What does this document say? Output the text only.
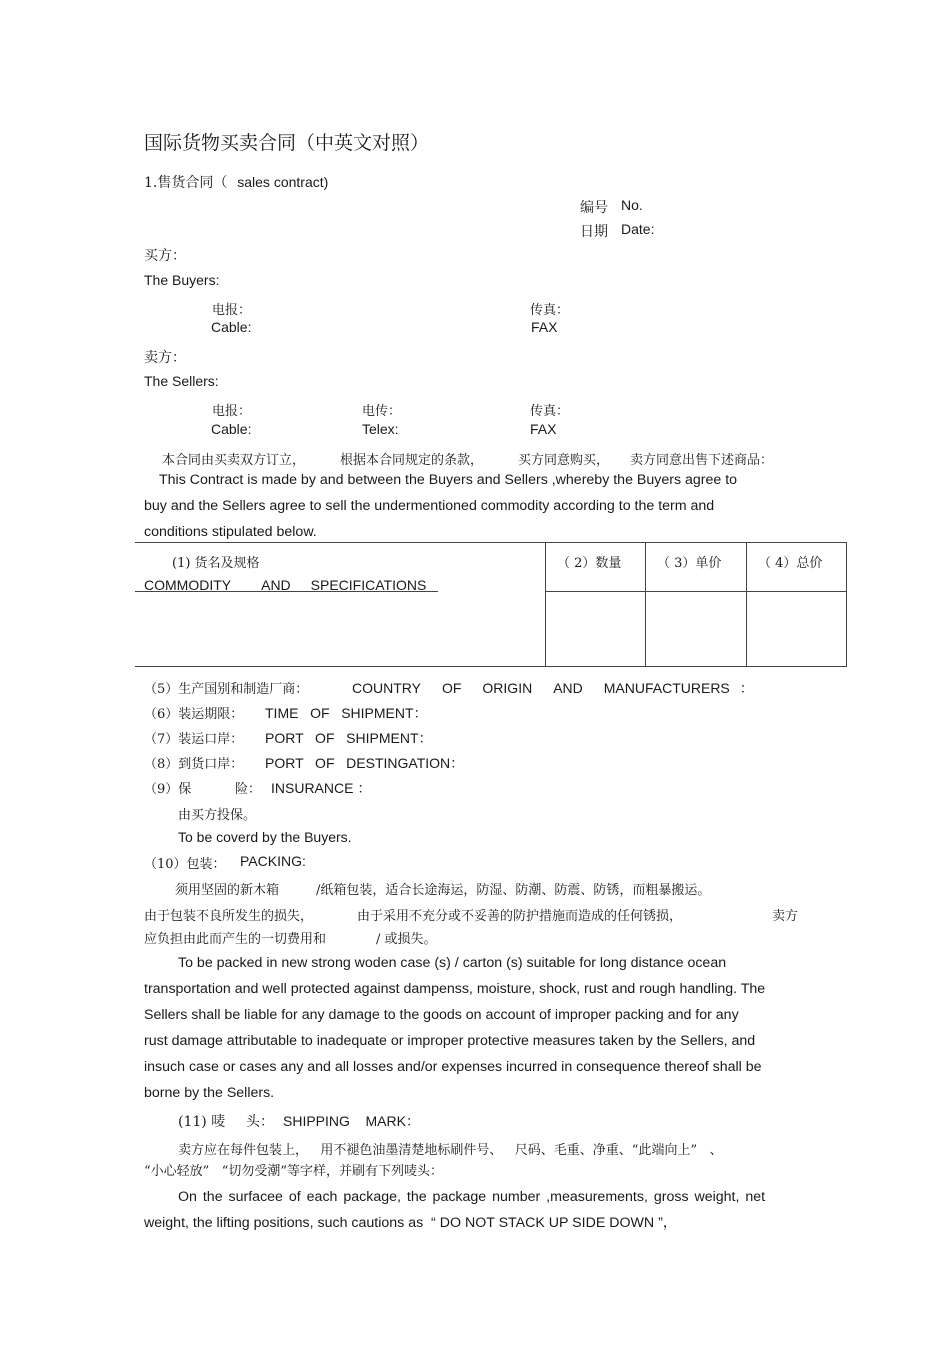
国际货物买卖合同（中英文对照）
1.售货合同（ sales contract)
编号 No.
日期 Date:
买方：
The Buyers:
电报：	传真：
Cable:	FAX
卖方：
The Sellers:
电报：	电传：	传真：
Cable:	Telex:	FAX
本合同由买卖双方订立，	根据本合同规定的条款，	买方同意购买， 卖方同意出售下述商品：
This Contract is made by and between the Buyers and Sellers ,whereby the Buyers agree to
buy and the Sellers agree to sell the undermentioned commodity according to the term and
conditions stipulated below.
(1) 货名及规格
COMMODITY AND SPECIFICATIONS
（ 2）数量	（ 3）单价	（ 4）总价
（5）生产国别和制造厂商：	COUNTRY OF ORIGIN AND MANUFACTURERS ：
（6）装运期限： TIME   OF   SHIPMENT：
（7）装运口岸： PORT   OF   SHIPMENT：
（8）到货口岸： PORT   OF   DESTINGATION：
（9）保	险： INSURANCE ：
由买方投保。
To be coverd by the Buyers.
（10）包装： PACKING:
须用坚固的新木箱	/纸箱包装，适合长途海运，防湿、防潮、防震、防锈，而粗暴搬运。
由于包装不良所发生的损失，	由于采用不充分或不妥善的防护措施而造成的任何锈损，	卖方
应负担由此而产生的一切费用和	/ 或损失。
To be packed in new strong woden case (s) / carton (s) suitable for long distance ocean
transportation and well protected against dampenss, moisture, shock, rust and rough handling. The
Sellers shall be liable for any damage to the goods on account of improper packing and for any
rust damage attributable to inadequate or improper protective measures taken by the Sellers, and
insuch case or cases any and all losses and/or expenses incurred in consequence thereof shall be
borne by the Sellers.
(11) 唛 头： SHIPPING    MARK：
卖方应在每件包装上，   用不褪色油墨清楚地标刷件号、   尺码、毛重、净重、“此端向上”   、
“小心轻放”   “切勿受潮”等字样，并刷有下列唛头：
On the surfacee of each package, the package number ,measurements, gross weight, net
weight, the lifting positions, such cautions as  “ DO NOT STACK UP SIDE DOWN ”，
